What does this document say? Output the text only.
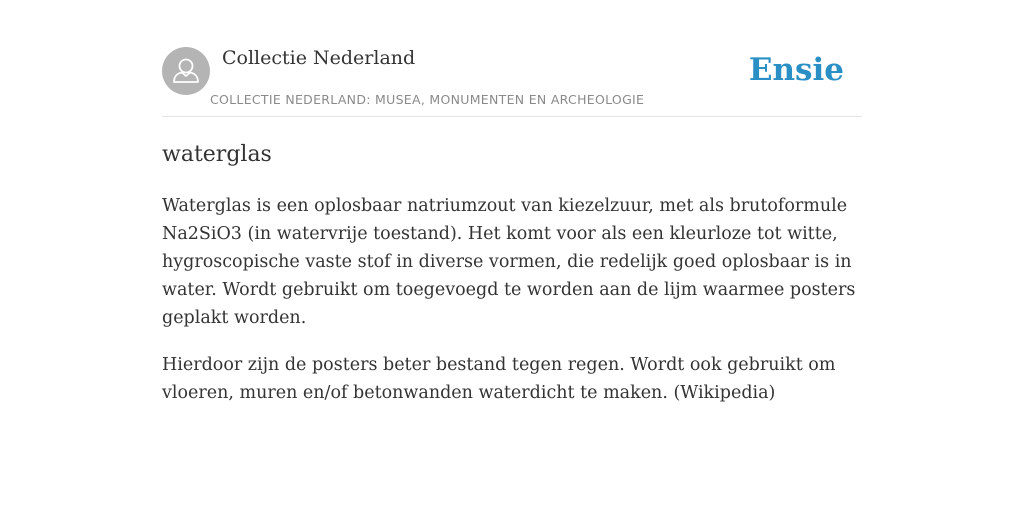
Collectie Nederland
COLLECTIE NEDERLAND: MUSEA, MONUMENTEN EN ARCHEOLOGIE
Ensie
waterglas

Waterglas is een oplosbaar natriumzout van kiezelzuur, met als brutoformule Na2SiO3 (in watervrije toestand). Het komt voor als een kleurloze tot witte, hygroscopische vaste stof in diverse vormen, die redelijk goed oplosbaar is in water. Wordt gebruikt om toegevoegd te worden aan de lijm waarmee posters geplakt worden.

Hierdoor zijn de posters beter bestand tegen regen. Wordt ook gebruikt om vloeren, muren en/of betonwanden waterdicht te maken. (Wikipedia)
